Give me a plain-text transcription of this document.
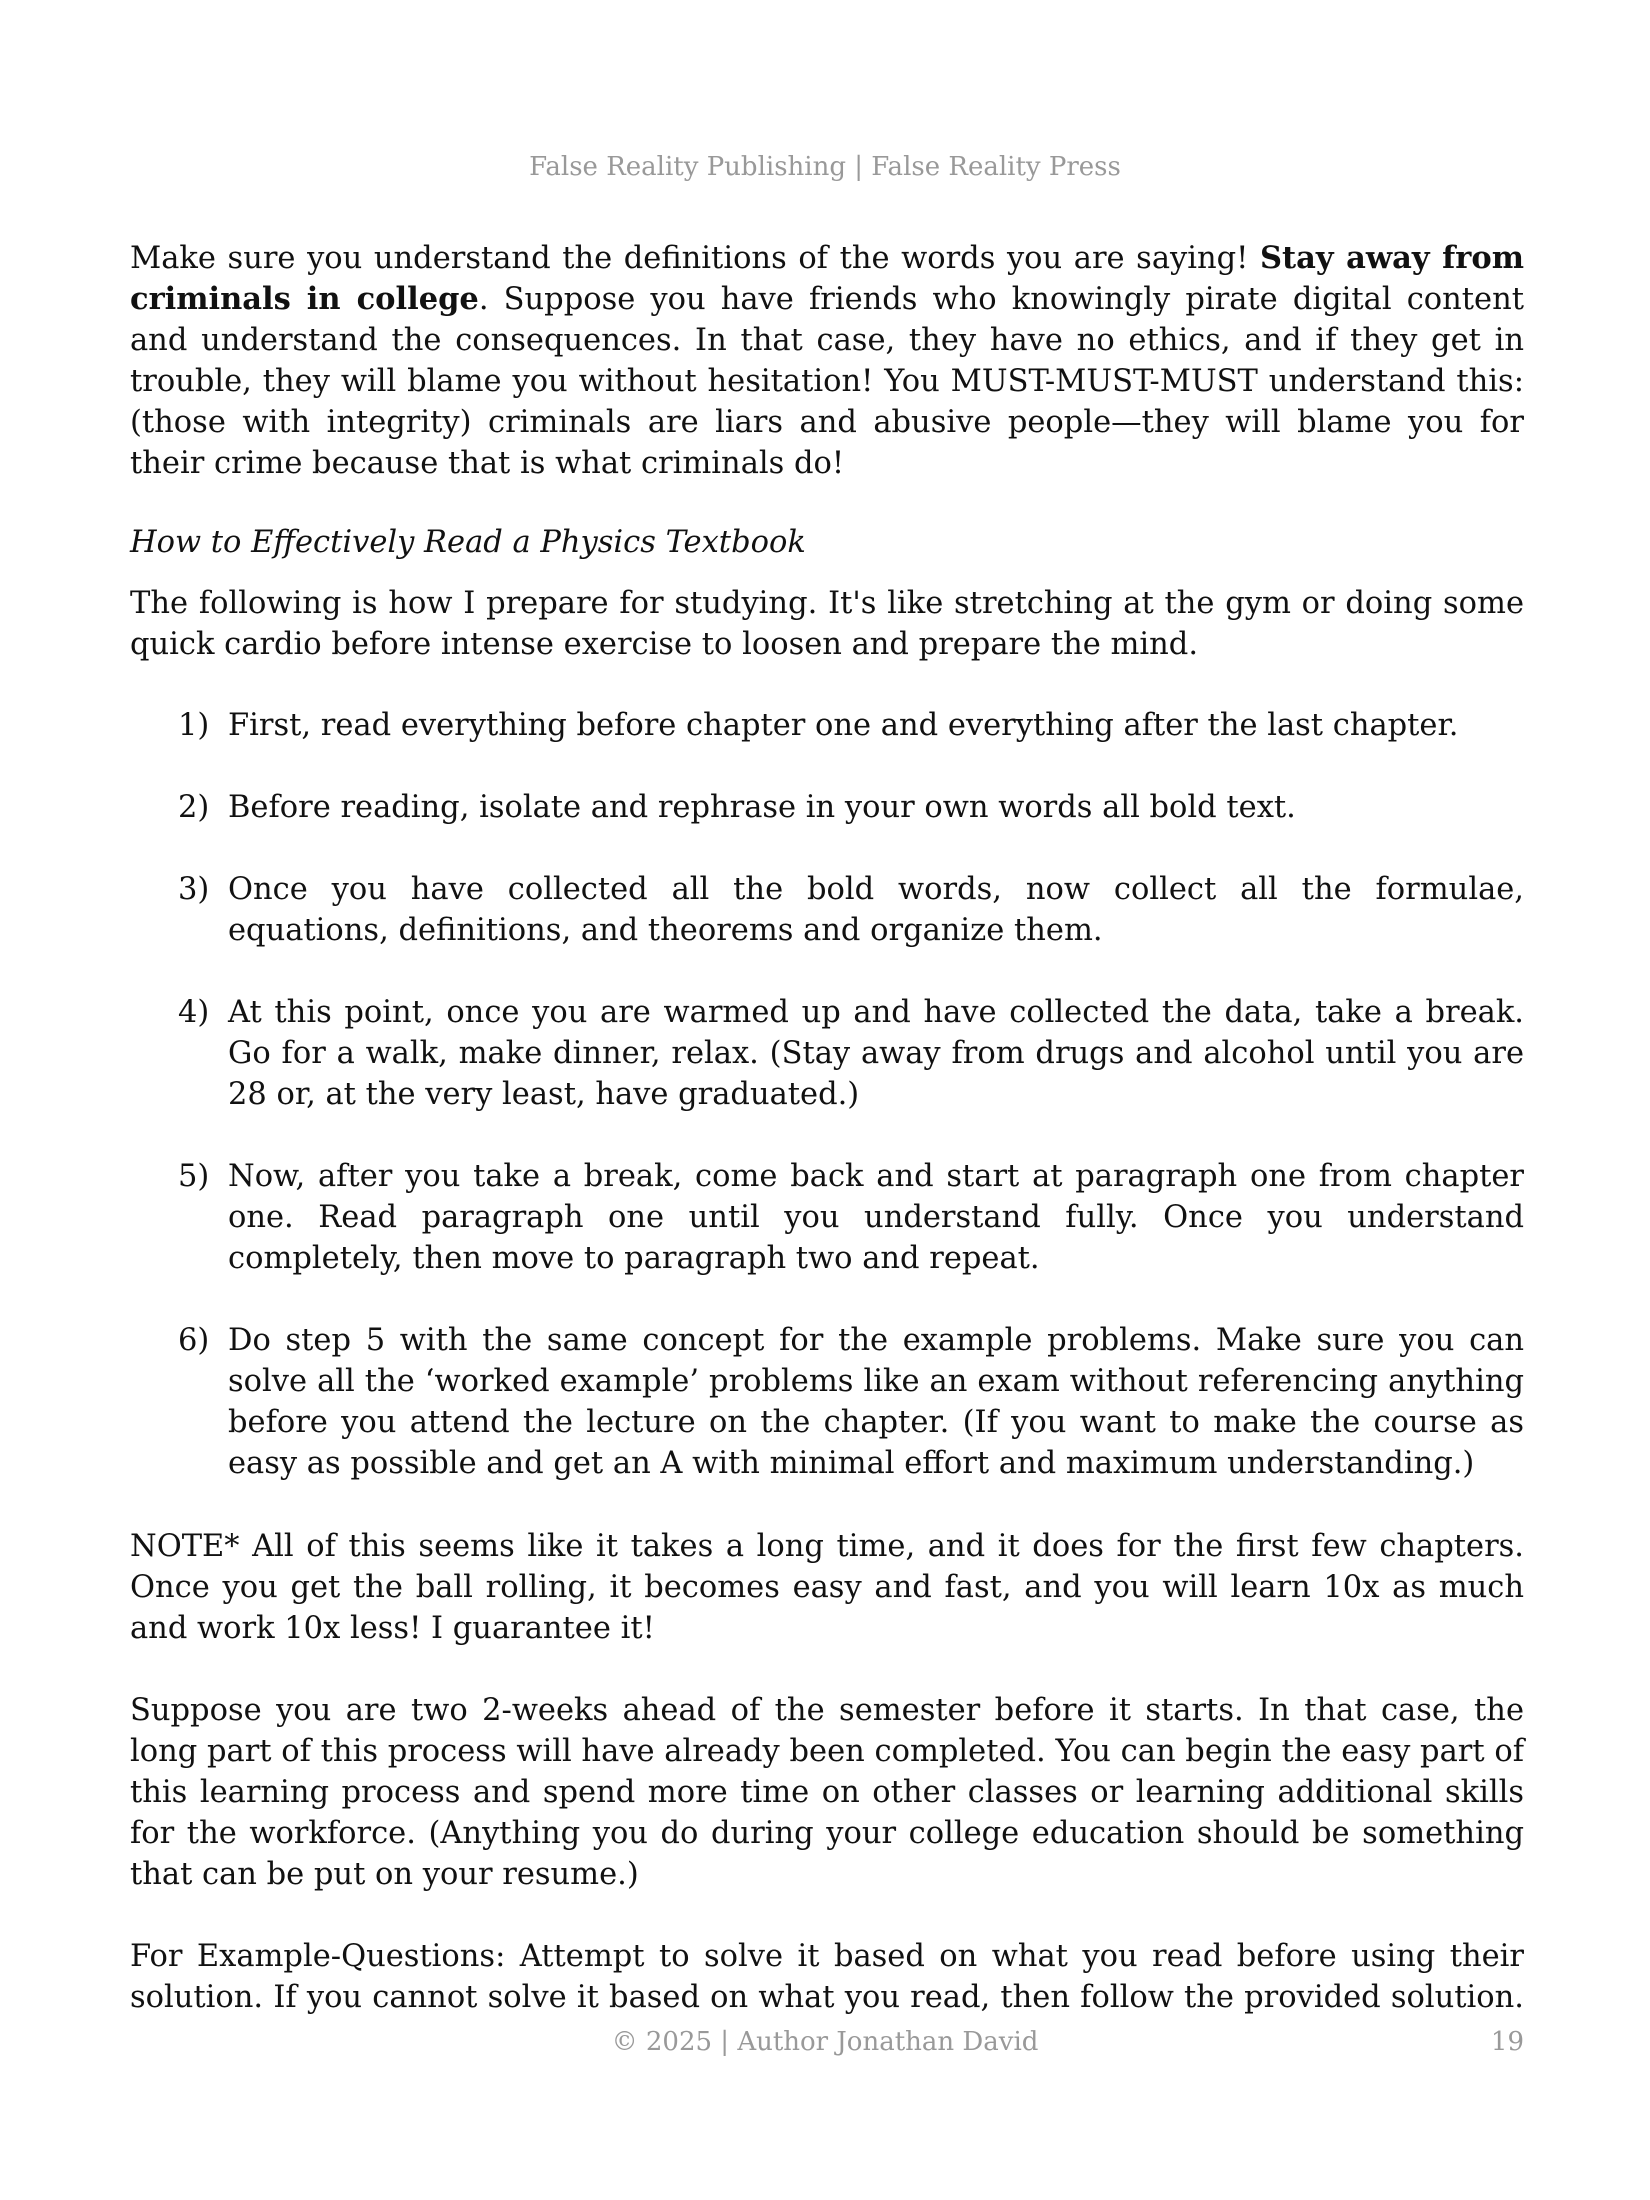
False Reality Publishing | False Reality Press

Make sure you understand the definitions of the words you are saying! Stay away from criminals in college. Suppose you have friends who knowingly pirate digital content and understand the consequences. In that case, they have no ethics, and if they get in trouble, they will blame you without hesitation! You MUST-MUST-MUST understand this: (those with integrity) criminals are liars and abusive people—they will blame you for their crime because that is what criminals do!

How to Effectively Read a Physics Textbook

The following is how I prepare for studying. It's like stretching at the gym or doing some quick cardio before intense exercise to loosen and prepare the mind.

1) First, read everything before chapter one and everything after the last chapter.
2) Before reading, isolate and rephrase in your own words all bold text.
3) Once you have collected all the bold words, now collect all the formulae, equations, definitions, and theorems and organize them.
4) At this point, once you are warmed up and have collected the data, take a break. Go for a walk, make dinner, relax. (Stay away from drugs and alcohol until you are 28 or, at the very least, have graduated.)
5) Now, after you take a break, come back and start at paragraph one from chapter one. Read paragraph one until you understand fully. Once you understand completely, then move to paragraph two and repeat.
6) Do step 5 with the same concept for the example problems. Make sure you can solve all the ‘worked example’ problems like an exam without referencing anything before you attend the lecture on the chapter. (If you want to make the course as easy as possible and get an A with minimal effort and maximum understanding.)

NOTE* All of this seems like it takes a long time, and it does for the first few chapters. Once you get the ball rolling, it becomes easy and fast, and you will learn 10x as much and work 10x less! I guarantee it!

Suppose you are two 2-weeks ahead of the semester before it starts. In that case, the long part of this process will have already been completed. You can begin the easy part of this learning process and spend more time on other classes or learning additional skills for the workforce. (Anything you do during your college education should be something that can be put on your resume.)

For Example-Questions: Attempt to solve it based on what you read before using their solution. If you cannot solve it based on what you read, then follow the provided solution.

© 2025 | Author Jonathan David	19
